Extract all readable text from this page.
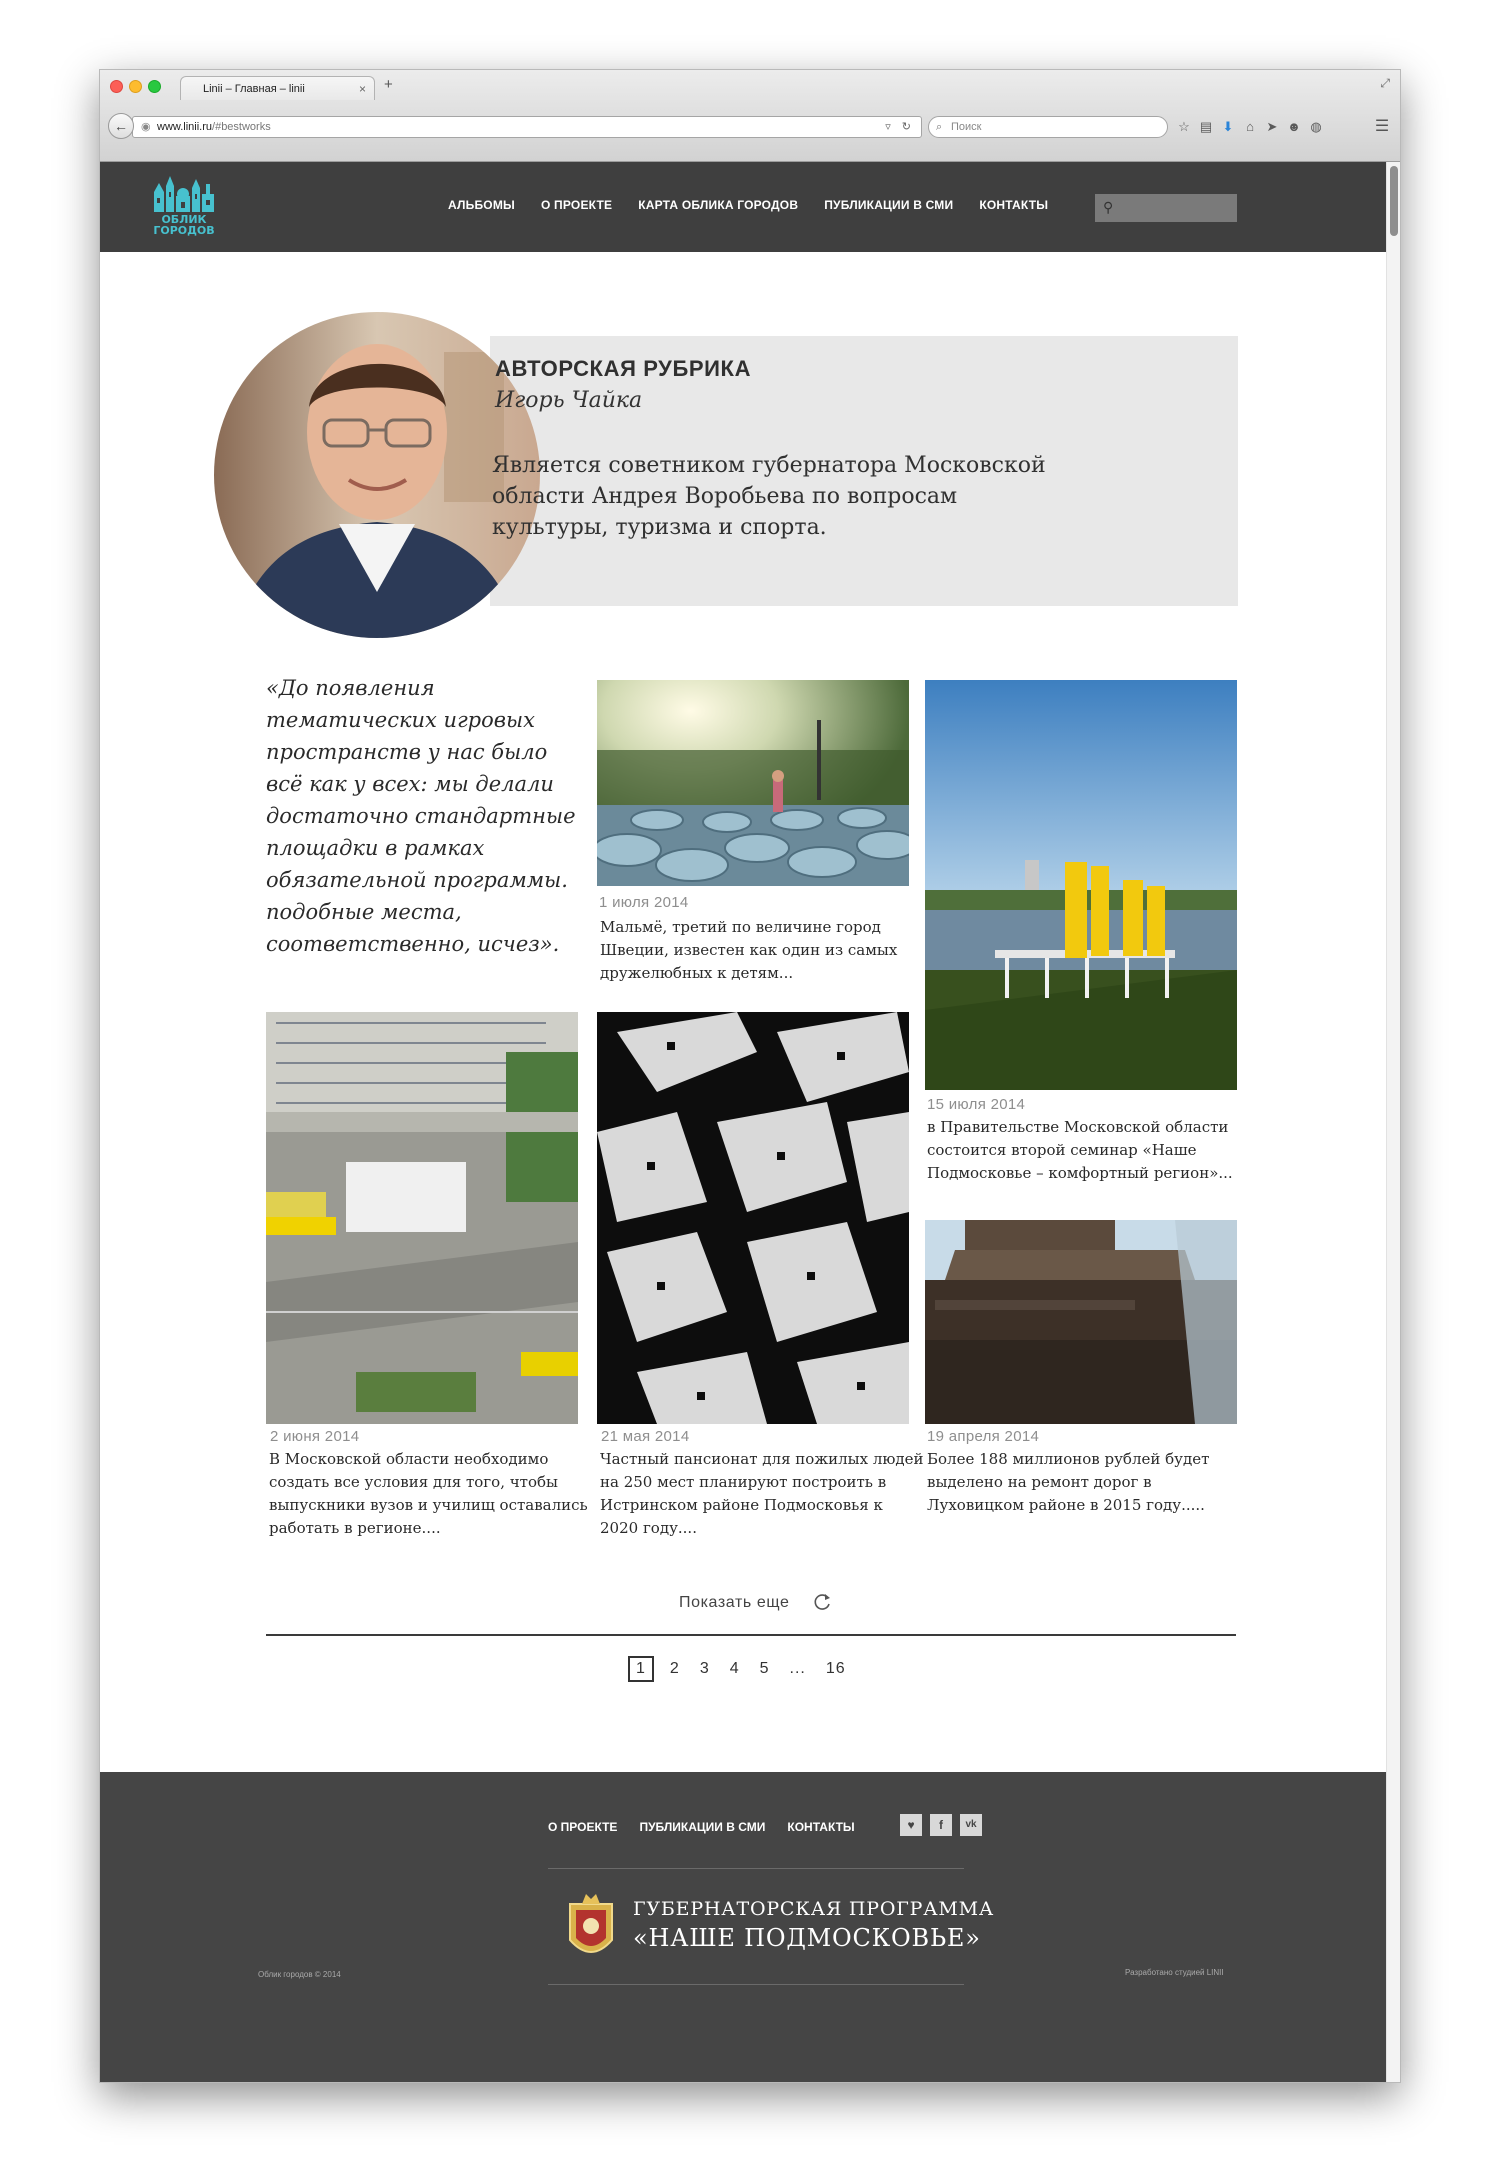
Linii – Главная – linii	× +	⤢
◉ www.linii.ru/#bestworks	▿ ↻
←	⌕ Поиск	☆ ▤ ⬇ ⌂ ➤ ☻ ◍	☰
ОБЛИК
ГОРОДОВ
АЛЬБОМЫ О ПРОЕКТЕ КАРТА ОБЛИКА ГОРОДОВ ПУБЛИКАЦИИ В СМИ КОНТАКТЫ	⚲
АВТОРСКАЯ РУБРИКА
Игорь Чайка
Является советником губернатора Московской
области Андрея Воробьева по вопросам
культуры, туризма и спорта.
«До появления
тематических игровых
пространств у нас было
всё как у всех: мы делали
достаточно стандартные
площадки в рамках
обязательной программы.
подобные места,
соответственно, исчез».
1 июля 2014
Мальмё, третий по величине город
Швеции, известен как один из самых
дружелюбных к детям...
15 июля 2014
в Правительстве Московской области
состоится второй семинар «Наше
Подмосковье – комфортный регион»...
2 июня 2014
В Московской области необходимо
создать все условия для того, чтобы
выпускники вузов и училищ оставались
работать в регионе....
21 мая 2014
Частный пансионат для пожилых людей
на 250 мест планируют построить в
Истринском районе Подмосковья к
2020 году....
19 апреля 2014
Более 188 миллионов рублей будет
выделено на ремонт дорог в
Луховицком районе в 2015 году.....
Показать еще
1	2 3 4 5 ... 16
О ПРОЕКТЕ ПУБЛИКАЦИИ В СМИ КОНТАКТЫ	♥	f	vk
ГУБЕРНАТОРСКАЯ ПРОГРАММА
«НАШЕ ПОДМОСКОВЬЕ»
Облик городов © 2014	Разработано студией LINII
